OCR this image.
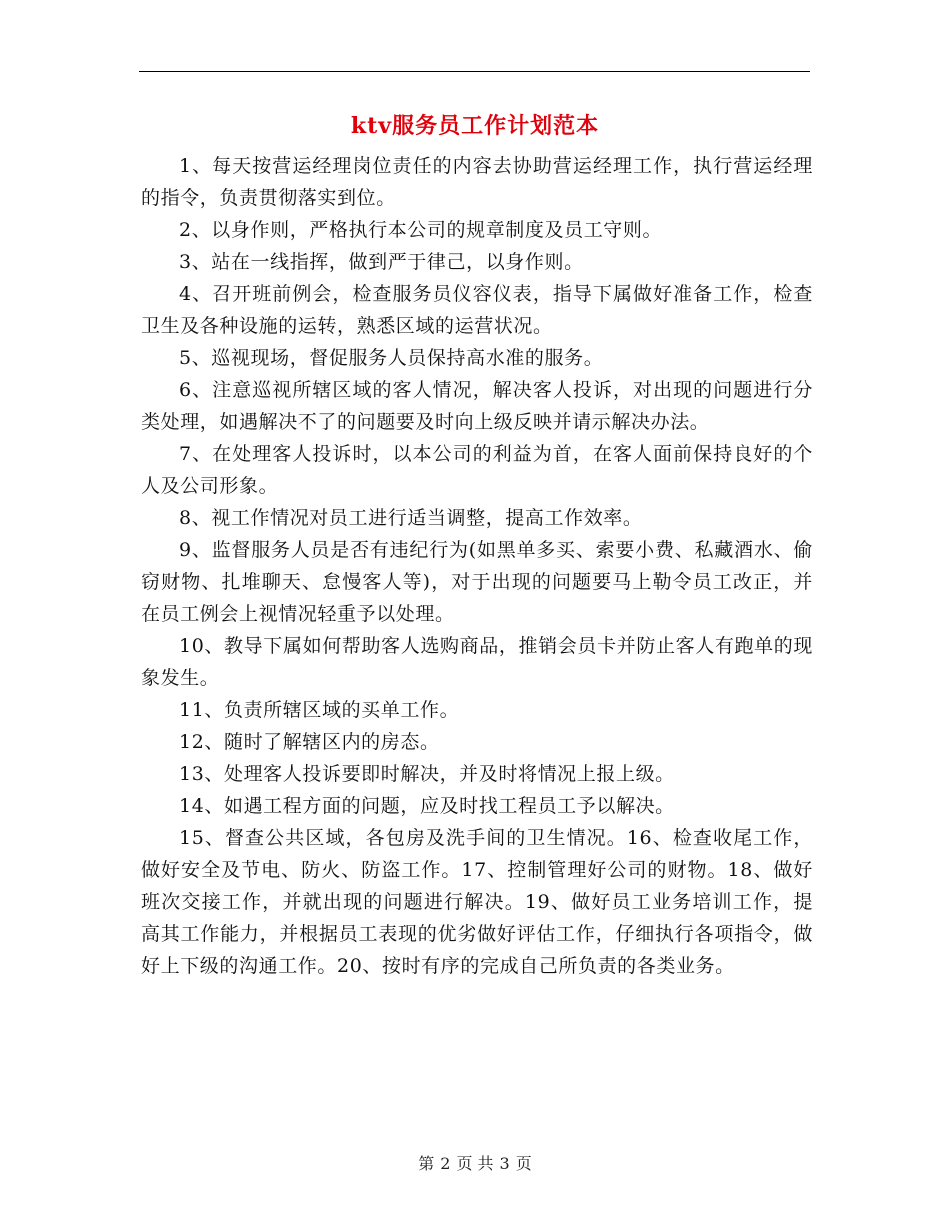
ktv服务员工作计划范本

1、每天按营运经理岗位责任的内容去协助营运经理工作，执行营运经理的指令，负责贯彻落实到位。

2、以身作则，严格执行本公司的规章制度及员工守则。

3、站在一线指挥，做到严于律己，以身作则。

4、召开班前例会，检查服务员仪容仪表，指导下属做好准备工作，检查卫生及各种设施的运转，熟悉区域的运营状况。

5、巡视现场，督促服务人员保持高水准的服务。

6、注意巡视所辖区域的客人情况，解决客人投诉，对出现的问题进行分类处理，如遇解决不了的问题要及时向上级反映并请示解决办法。

7、在处理客人投诉时，以本公司的利益为首，在客人面前保持良好的个人及公司形象。

8、视工作情况对员工进行适当调整，提高工作效率。

9、监督服务人员是否有违纪行为(如黑单多买、索要小费、私藏酒水、偷窃财物、扎堆聊天、怠慢客人等)，对于出现的问题要马上勒令员工改正，并在员工例会上视情况轻重予以处理。

10、教导下属如何帮助客人选购商品，推销会员卡并防止客人有跑单的现象发生。

11、负责所辖区域的买单工作。

12、随时了解辖区内的房态。

13、处理客人投诉要即时解决，并及时将情况上报上级。

14、如遇工程方面的问题，应及时找工程员工予以解决。

15、督查公共区域，各包房及洗手间的卫生情况。16、检查收尾工作，做好安全及节电、防火、防盗工作。17、控制管理好公司的财物。18、做好班次交接工作，并就出现的问题进行解决。19、做好员工业务培训工作，提高其工作能力，并根据员工表现的优劣做好评估工作，仔细执行各项指令，做好上下级的沟通工作。20、按时有序的完成自己所负责的各类业务。

第 2 页 共 3 页
